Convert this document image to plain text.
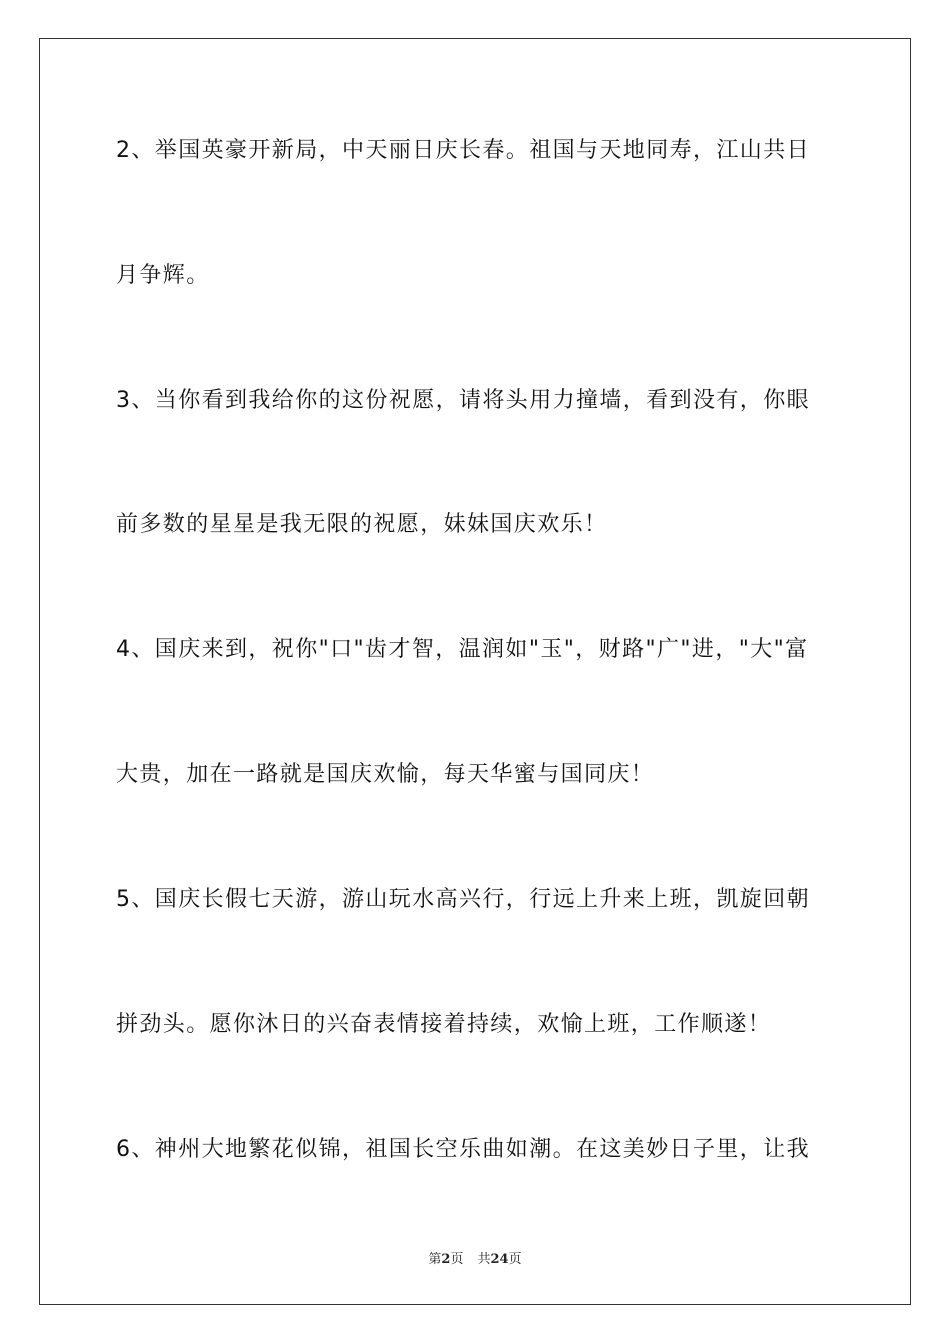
2、举国英豪开新局，中天丽日庆长春。祖国与天地同寿，江山共日
月争辉。
3、当你看到我给你的这份祝愿，请将头用力撞墙，看到没有，你眼
前多数的星星是我无限的祝愿，妹妹国庆欢乐！
4、国庆来到，祝你"口"齿才智，温润如"玉"，财路"广"进，"大"富
大贵，加在一路就是国庆欢愉，每天华蜜与国同庆！
5、国庆长假七天游，游山玩水高兴行，行远上升来上班，凯旋回朝
拼劲头。愿你沐日的兴奋表情接着持续，欢愉上班，工作顺遂！
6、神州大地繁花似锦，祖国长空乐曲如潮。在这美妙日子里，让我
第2页 共24页
